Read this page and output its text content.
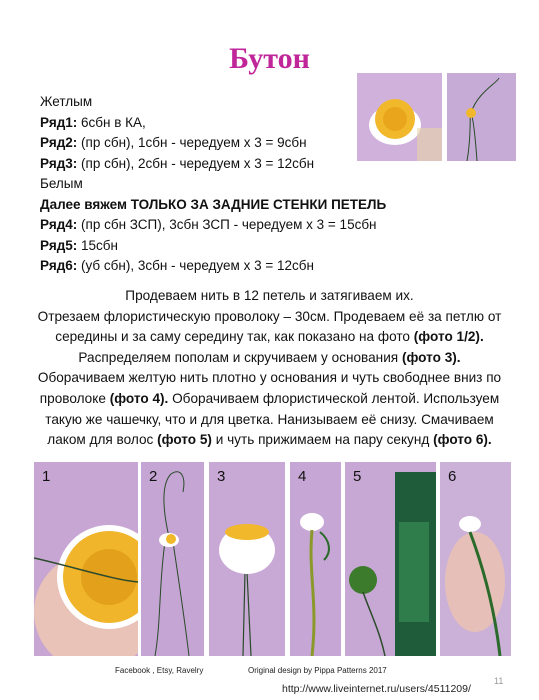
Бутон
Жетлым
Ряд1: 6сбн в КА,
Ряд2: (пр сбн), 1сбн - чередуем х 3 = 9сбн
Ряд3: (пр сбн), 2сбн - чередуем х 3 = 12сбн
Белым
Далее вяжем ТОЛЬКО ЗА ЗАДНИЕ СТЕНКИ ПЕТЕЛЬ
Ряд4: (пр сбн ЗСП), 3сбн ЗСП - чередуем х 3 = 15сбн
Ряд5: 15сбн
Ряд6: (уб сбн), 3сбн - чередуем х 3 = 12сбн
Продеваем нить в 12 петель и затягиваем их.
Отрезаем флористическую проволоку – 30см. Продеваем её за петлю от
середины и за саму середину так, как показано на фото (фото 1/2).
Распределяем пополам и скручиваем у основания (фото 3).
Оборачиваем желтую нить плотно у основания и чуть свободнее вниз по
проволоке (фото 4). Оборачиваем флористической лентой. Используем
такую же чашечку, что и для цветка. Нанизываем её снизу. Смачиваем
лаком для волос (фото 5) и чуть прижимаем на пару секунд (фото 6).
1	2	3	4	5	6
Facebook , Etsy, Ravelry	Original design by Pippa Patterns 2017
11
http://www.liveinternet.ru/users/4511209/
